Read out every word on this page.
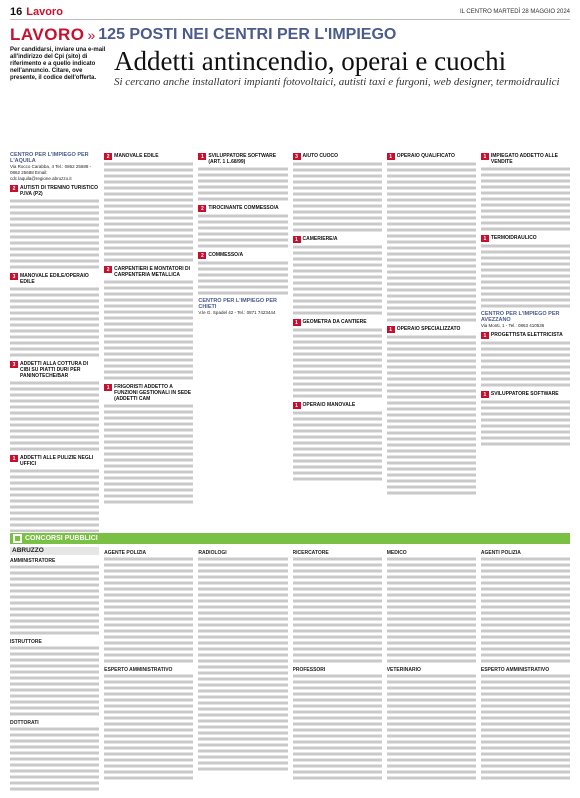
16 Lavoro	IL CENTRO MARTEDÌ 28 MAGGIO 2024
LAVORO » 125 POSTI NEI CENTRI PER L'IMPIEGO
Per candidarsi, inviare una e-mail all'indirizzo del Cpi (sito) di riferimento e a quello indicato nell'annuncio. Citare, ove presente, il codice dell'offerta.
Addetti antincendio, operai e cuochi
Si cercano anche installatori impianti fotovoltaici, autisti taxi e furgoni, web designer, termoidraulici
CENTRO PER L'IMPIEGO PER L'AQUILA
Via Rocco Carabba, 4 Tel.: 0862 25688 - 0862 25688 Email: cdc.laquila@regione.abruzzo.it
2 AUTISTI DI TRENINO TURISTICO P.IVA (P2)
3 MANOVALE EDILE/OPERAIO EDILE
3 ADDETTI ALLA COTTURA DI CIBI SU PIATTI DURI PER PANINOTECHE/BAR
1 ADDETTI ALLE PULIZIE NEGLI UFFICI
2 MANOVALE EDILE
2 CARPENTIERI E MONTATORI DI CARPENTERIA METALLICA
1 FRIGORISTI ADDETTO A FUNZIONI GESTIONALI IN SEDE (ADDETTI CAM
1 SVILUPPATORE SOFTWARE (ART. 1 L.68/99)
2 TIROCINANTE COMMESSO/A
2 COMMESSO/A
CENTRO PER L'IMPIEGO PER CHIETI
V.le G. Spadel 42 - Tel.: 0871 7423444
3 AIUTO CUOCO
1 CAMERIERE/A
1 GEOMETRA DA CANTIERE
1 OPERAIO MANOVALE
1 OPERAIO QUALIFICATO
1 OPERAIO SPECIALIZZATO
1 IMPIEGATO ADDETTO ALLE VENDITE
1 TERMOIDRAULICO
CENTRO PER L'IMPIEGO PER AVEZZANO
Via Monti, 1 - Tel.: 0863 410536
1 PROGETTISTA ELETTRICISTA
1 SVILUPPATORE SOFTWARE
CONCORSI PUBBLICI
ABRUZZO
AMMINISTRATORE
ISTRUTTORE
DOTTORATI
AGENTE POLIZIA
ESPERTO AMMINISTRATIVO
RADIOLOGI	RICERCATORE
PROFESSORI
MEDICO
VETERINARIO
AGENTI POLIZIA
ESPERTO AMMINISTRATIVO
